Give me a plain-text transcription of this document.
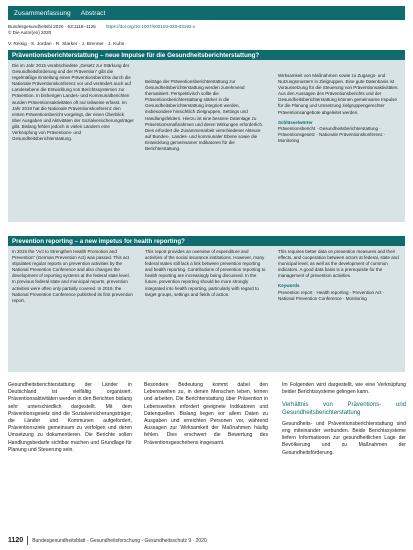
Zusammenfassung Abstract
Bundesgesundheitsbl 2020 · 63:1118–1125 https://doi.org/10.1007/s00103-020-03192-x
© Die Autor(en) 2020
V. Reisig · S. Jordan · R. Starker · J. Brenner · J. Kuhn
Präventionsberichterstattung – neue Impulse für die Gesundheitsberichterstattung?
Die im Jahr 2015 verabschiedete „Gesetz zur Stärkung der Gesundheitsförderung und der Prävention“ gibt die regelmäßige Erstellung eines Präventionsberichts durch die Nationale Präventionskonferenz vor und verändert auch auf Landesebene die Entwicklung von Berichtssystemen zur Prävention. In bisherigen Landes- und Kommunalberichten wurden Präventionsaktivitäten oft nur teilweise erfasst. Im Jahr 2019 hat die Nationale Präventionskonferenz den ersten Präventionsbericht vorgelegt, der einen Überblick über Ausgaben und Aktivitäten der Sozialversicherungsträger gibt. Bislang fehlen jedoch in vielen Ländern eine Verknüpfung von Präventions- und Gesundheitsberichterstattung.
Beiträge der Präventionsberichterstattung zur Gesundheitsberichterstattung werden zunehmend thematisiert. Perspektivisch sollte die Präventionsberichterstattung stärker in die Gesundheitsberichterstattung integriert werden, insbesondere hinsichtlich Zielgruppen, Settings und Handlungsfeldern. Hierzu ist eine bessere Datenlage zu Präventionsmaßnahmen und deren Wirkungen erforderlich. Dies erfordert die Zusammenarbeit verschiedener Akteure auf Bundes-, Landes- und kommunaler Ebene sowie die Entwicklung gemeinsamer Indikatoren für die Berichterstattung.
Wirksamkeit von Maßnahmen sowie zu Zugangs- und Nutzungsmustern in Zielgruppen. Eine gute Datenbasis ist Voraussetzung für die Steuerung von Präventionsaktivitäten. Aus den Aussagen des Präventionsberichts und der Gesundheitsberichterstattung können gemeinsame Impulse für die Planung und Umsetzung zielgruppengerechter Präventionsangebote abgeleitet werden.
Schlüsselwörter
Präventionsbericht · Gesundheitsberichterstattung · Präventionsgesetz · Nationale Präventionskonferenz · Monitoring
Prevention reporting – a new impetus for health reporting?
In 2015 the “Act to Strengthen Health Promotion and Prevention” (German Prevention Act) was passed. This act stipulates regular reports on prevention activities by the National Prevention Conference and also changes the development of reporting systems at the federal state level. In previous federal state and municipal reports, prevention activities were often only partially covered. In 2019, the National Prevention Conference published its first prevention report.
This report provides an overview of expenditure and activities of the social insurance institutions. However, many federal states still lack a link between prevention reporting and health reporting. Contributions of prevention reporting to health reporting are increasingly being discussed. In the future, prevention reporting should be more strongly integrated into health reporting, particularly with regard to target groups, settings and fields of action.
This requires better data on prevention measures and their effects, and cooperation between actors at federal, state and municipal level, as well as the development of common indicators. A good data basis is a prerequisite for the management of prevention activities.
Keywords
Prevention report · Health reporting · Prevention Act · National Prevention Conference · Monitoring
Gesundheitsberichterstattung der Länder in Deutschland ist vielfältig organisiert. Präventionsaktivitäten werden in den Berichten bislang sehr unterschiedlich dargestellt. Mit dem Präventionsgesetz sind die Sozialversicherungsträger, die Länder und Kommunen aufgefordert, Präventionsziele gemeinsam zu verfolgen und deren Umsetzung zu dokumentieren. Die Berichte sollen Handlungsbedarfe sichtbar machen und Grundlage für Planung und Steuerung sein.
Besondere Bedeutung kommt dabei den Lebenswelten zu, in denen Menschen leben, lernen und arbeiten. Die Berichterstattung über Prävention in Lebenswelten erfordert geeignete Indikatoren und Datenquellen. Bislang liegen vor allem Daten zu Ausgaben und erreichten Personen vor, während Aussagen zur Wirksamkeit der Maßnahmen häufig fehlen. Dies erschwert die Bewertung des Präventionsgeschehens insgesamt.
Im Folgenden wird dargestellt, wie eine Verknüpfung beider Berichtssysteme gelingen kann.
Verhältnis von Präventions- und Gesundheitsberichterstattung
Gesundheits- und Präventionsberichterstattung sind eng miteinander verbunden. Beide Berichtssysteme liefern Informationen zur gesundheitlichen Lage der Bevölkerung und zu Maßnahmen der Gesundheitsförderung.
1120 Bundesgesundheitsblatt - Gesundheitsforschung - Gesundheitsschutz 9 · 2020
